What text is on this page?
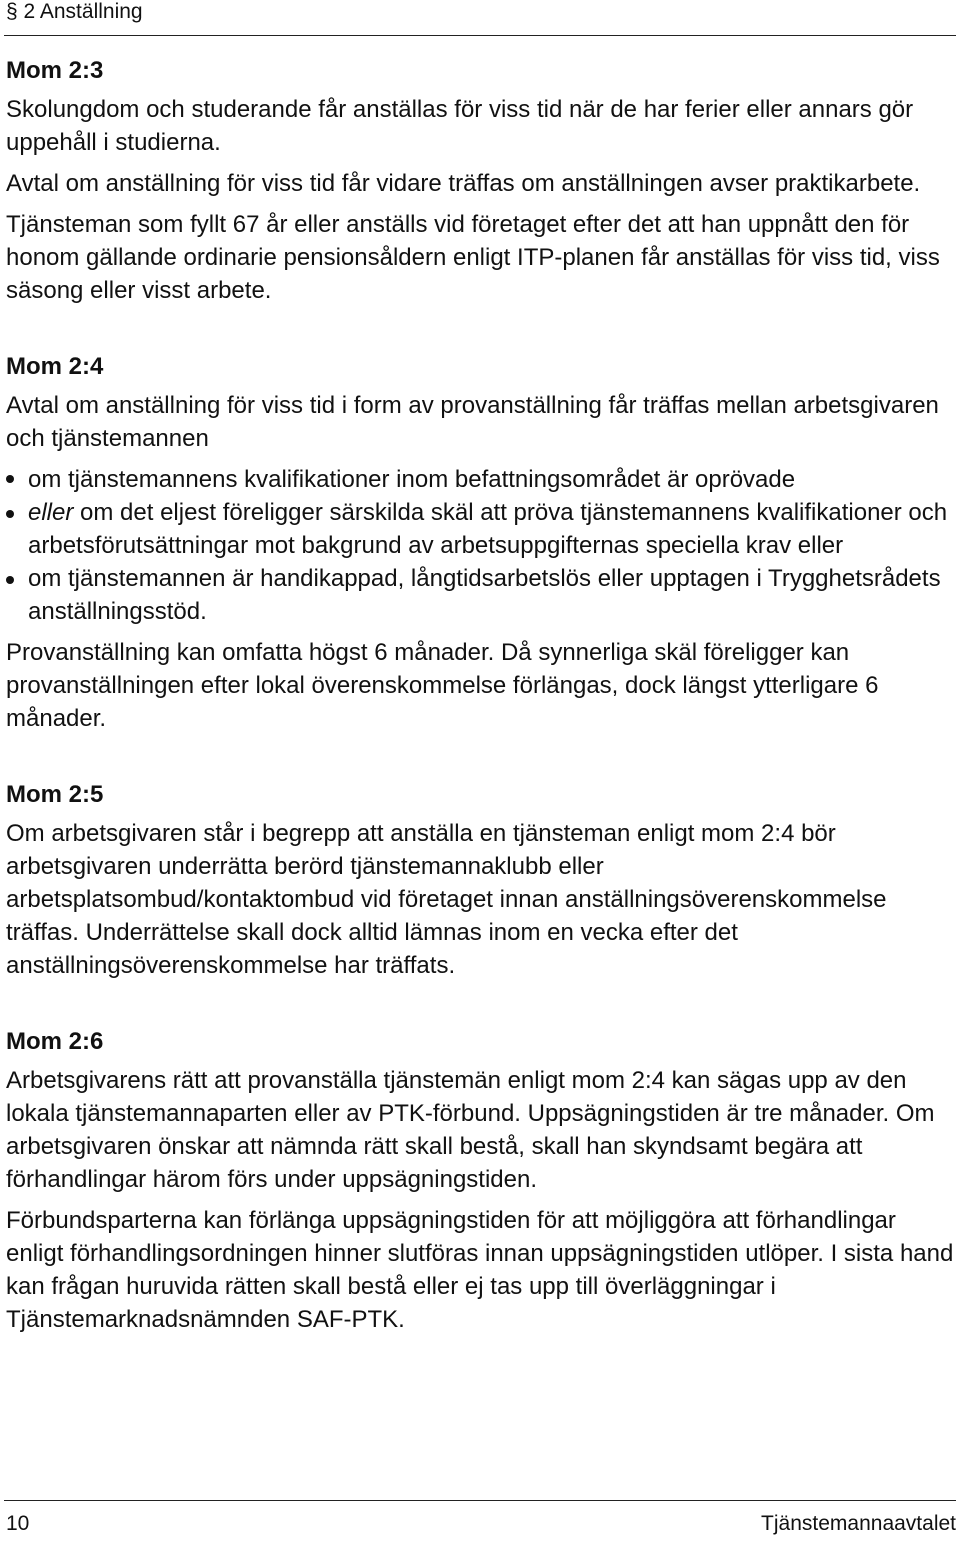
§ 2 Anställning
Mom 2:3

Skolungdom och studerande får anställas för viss tid när de har ferier eller annars gör uppehåll i studierna.

Avtal om anställning för viss tid får vidare träffas om anställningen avser praktikarbete.

Tjänsteman som fyllt 67 år eller anställs vid företaget efter det att han uppnått den för honom gällande ordinarie pensionsåldern enligt ITP-planen får anställas för viss tid, viss säsong eller visst arbete.

Mom 2:4

Avtal om anställning för viss tid i form av provanställning får träffas mellan arbetsgivaren och tjänstemannen

om tjänstemannens kvalifikationer inom befattningsområdet är oprövade
eller om det eljest föreligger särskilda skäl att pröva tjänstemannens kvalifikationer och arbetsförutsättningar mot bakgrund av arbetsuppgifternas speciella krav eller
om tjänstemannen är handikappad, långtidsarbetslös eller upptagen i Trygghetsrådets anställningsstöd.

Provanställning kan omfatta högst 6 månader. Då synnerliga skäl föreligger kan provanställningen efter lokal överenskommelse förlängas, dock längst ytterligare 6 månader.

Mom 2:5

Om arbetsgivaren står i begrepp att anställa en tjänsteman enligt mom 2:4 bör arbetsgivaren underrätta berörd tjänstemannaklubb eller arbetsplatsombud/kontaktombud vid företaget innan anställningsöverenskommelse träffas. Underrättelse skall dock alltid lämnas inom en vecka efter det anställningsöverenskommelse har träffats.

Mom 2:6

Arbetsgivarens rätt att provanställa tjänstemän enligt mom 2:4 kan sägas upp av den lokala tjänstemannaparten eller av PTK-förbund. Uppsägningstiden är tre månader. Om arbetsgivaren önskar att nämnda rätt skall bestå, skall han skyndsamt begära att förhandlingar härom förs under uppsägningstiden.

Förbundsparterna kan förlänga uppsägningstiden för att möjliggöra att förhandlingar enligt förhandlingsordningen hinner slutföras innan uppsägningstiden utlöper. I sista hand kan frågan huruvida rätten skall bestå eller ej tas upp till överläggningar i Tjänstemarknadsnämnden SAF-PTK.

10	Tjänstemannaavtalet
